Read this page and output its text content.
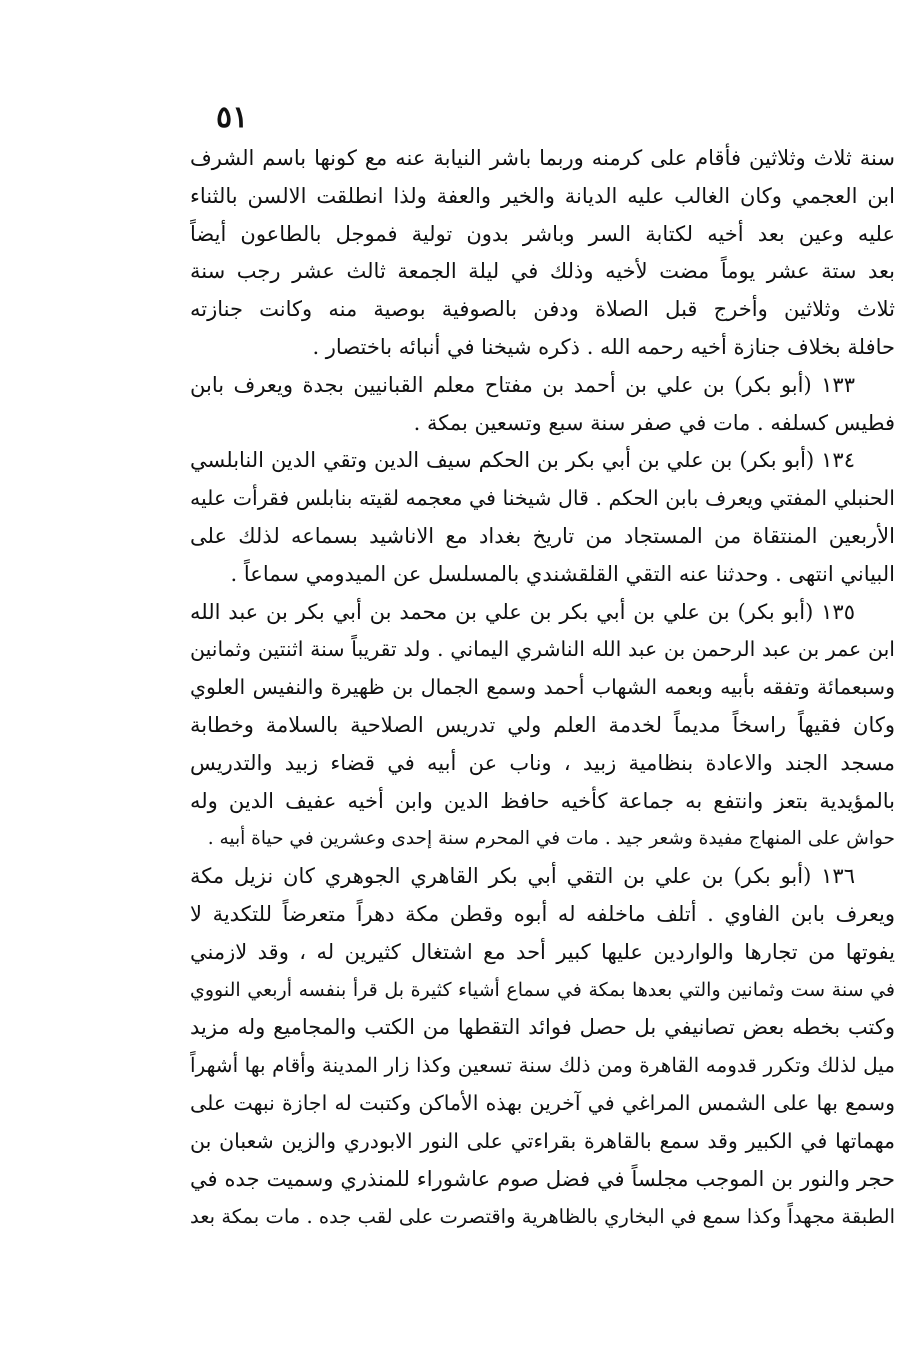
٥١
سنة ثلاث وثلاثين فأقام على كرمنه وربما باشر النيابة عنه مع كونها باسم الشرف
ابن العجمي وكان الغالب عليه الديانة والخير والعفة ولذا انطلقت الالسن بالثناء
عليه وعين بعد أخيه لكتابة السر وباشر بدون تولية فموجل بالطاعون أيضاً
بعد ستة عشر يوماً مضت لأخيه وذلك في ليلة الجمعة ثالث عشر رجب سنة
ثلاث وثلاثين وأخرج قبل الصلاة ودفن بالصوفية بوصية منه وكانت جنازته
حافلة بخلاف جنازة أخيه رحمه الله . ذكره شيخنا في أنبائه باختصار .
١٣٣ (أبو بكر) بن علي بن أحمد بن مفتاح معلم القبانيين بجدة ويعرف بابن
فطيس كسلفه . مات في صفر سنة سبع وتسعين بمكة .
١٣٤ (أبو بكر) بن علي بن أبي بكر بن الحكم سيف الدين وتقي الدين النابلسي
الحنبلي المفتي ويعرف بابن الحكم . قال شيخنا في معجمه لقيته بنابلس فقرأت عليه
الأربعين المنتقاة من المستجاد من تاريخ بغداد مع الاناشيد بسماعه لذلك على
البياني انتهى . وحدثنا عنه التقي القلقشندي بالمسلسل عن الميدومي سماعاً .
١٣٥ (أبو بكر) بن علي بن أبي بكر بن علي بن محمد بن أبي بكر بن عبد الله
ابن عمر بن عبد الرحمن بن عبد الله الناشري اليماني . ولد تقريباً سنة اثنتين وثمانين
وسبعمائة وتفقه بأبيه وبعمه الشهاب أحمد وسمع الجمال بن ظهيرة والنفيس العلوي
وكان فقيهاً راسخاً مديماً لخدمة العلم ولي تدريس الصلاحية بالسلامة وخطابة
مسجد الجند والاعادة بنظامية زبيد ، وناب عن أبيه في قضاء زبيد والتدريس
بالمؤيدية بتعز وانتفع به جماعة كأخيه حافظ الدين وابن أخيه عفيف الدين وله
حواش على المنهاج مفيدة وشعر جيد . مات في المحرم سنة إحدى وعشرين في حياة أبيه .
١٣٦ (أبو بكر) بن علي بن التقي أبي بكر القاهري الجوهري كان نزيل مكة
ويعرف بابن الفاوي . أتلف ماخلفه له أبوه وقطن مكة دهراً متعرضاً للتكدية لا
يفوتها من تجارها والواردين عليها كبير أحد مع اشتغال كثيرين له ، وقد لازمني
في سنة ست وثمانين والتي بعدها بمكة في سماع أشياء كثيرة بل قرأ بنفسه أربعي النووي
وكتب بخطه بعض تصانيفي بل حصل فوائد التقطها من الكتب والمجاميع وله مزيد
ميل لذلك وتكرر قدومه القاهرة ومن ذلك سنة تسعين وكذا زار المدينة وأقام بها أشهراً
وسمع بها على الشمس المراغي في آخرين بهذه الأماكن وكتبت له اجازة نبهت على
مهماتها في الكبير وقد سمع بالقاهرة بقراءتي على النور الابودري والزين شعبان بن
حجر والنور بن الموجب مجلساً في فضل صوم عاشوراء للمنذري وسميت جده في
الطبقة مجهداً وكذا سمع في البخاري بالظاهرية واقتصرت على لقب جده . مات بمكة بعد
